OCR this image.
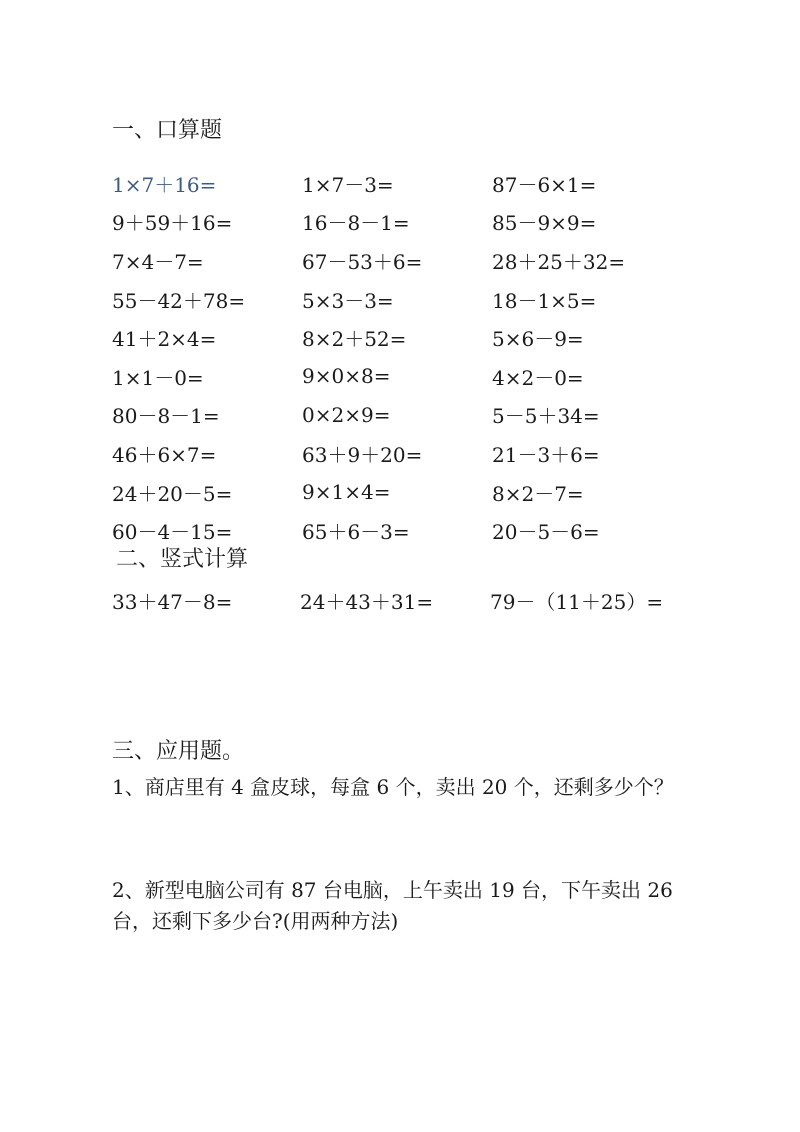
一、口算题
1×7＋16=	1×7－3=	87－6×1=
9＋59＋16=	16－8－1=	85－9×9=
7×4－7=	67－53＋6=	28＋25＋32=
55－42＋78=	5×3－3=	18－1×5=
41＋2×4=	8×2＋52=	5×6－9=
1×1－0=	9×0×8=	4×2－0=
80－8－1=	0×2×9=	5－5＋34=
46＋6×7=	63＋9＋20=	21－3＋6=
24＋20－5=	9×1×4=	8×2－7=
60－4－15=	65＋6－3=	20－5－6=
二、竖式计算
33＋47－8=	24＋43＋31=	79－（11＋25）=
三、应用题。
1、商店里有 4 盒皮球，每盒 6 个，卖出 20 个，还剩多少个？
2、新型电脑公司有 87 台电脑，上午卖出 19 台，下午卖出 26
台，还剩下多少台?(用两种方法)
